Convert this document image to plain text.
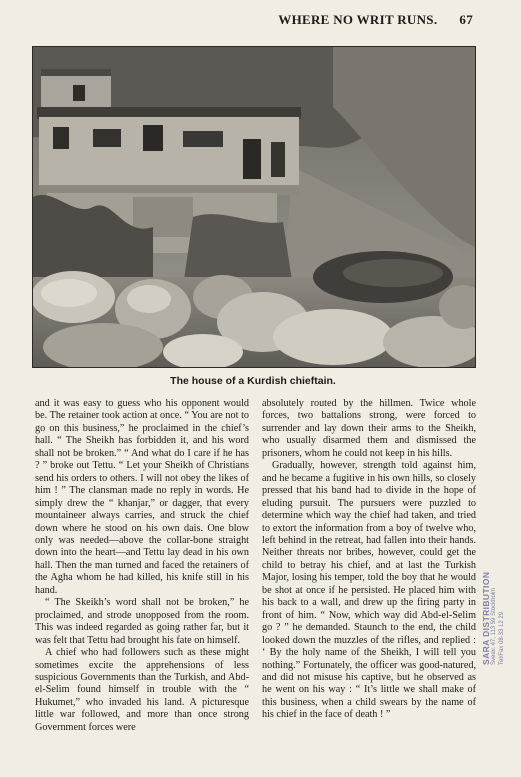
WHERE NO WRIT RUNS. 67
The house of a Kurdish chieftain.

and it was easy to guess who his opponent would be. The retainer took action at once. “ You are not to go on this business,” he proclaimed in the chief’s hall. “ The Sheikh has forbidden it, and his word shall not be broken.” “ And what do I care if he has ? ” broke out Tettu. “ Let your Sheikh of Christians send his orders to others. I will not obey the likes of him ! ” The clansman made no reply in words. He simply drew the “ khanjar,” or dagger, that every mountaineer always carries, and struck the chief down where he stood on his own dais. One blow only was needed—above the collar-bone straight down into the heart—and Tettu lay dead in his own hall. Then the man turned and faced the retainers of the Agha whom he had killed, his knife still in his hand.

“ The Skeikh’s word shall not be broken,” he proclaimed, and strode unopposed from the room. This was indeed regarded as going rather far, but it was felt that Tettu had brought his fate on himself.

A chief who had followers such as these might sometimes excite the apprehensions of less suspicious Governments than the Turkish, and Abd-el-Selim found himself in trouble with the “ Hukumet,” who invaded his land. A picturesque little war followed, and more than once strong Government forces were

absolutely routed by the hillmen. Twice whole forces, two battalions strong, were forced to surrender and lay down their arms to the Sheikh, who usually disarmed them and dismissed the prisoners, whom he could not keep in his hills.

Gradually, however, strength told against him, and he became a fugitive in his own hills, so closely pressed that his band had to divide in the hope of eluding pursuit. The pursuers were puzzled to determine which way the chief had taken, and tried to extort the information from a boy of twelve who, left behind in the retreat, had fallen into their hands. Neither threats nor bribes, however, could get the child to betray his chief, and at last the Turkish Major, losing his temper, told the boy that he would be shot at once if he persisted. He placed him with his back to a wall, and drew up the firing party in front of him. “ Now, which way did Abd-el-Selim go ? ” he demanded. Staunch to the end, the child looked down the muzzles of the rifles, and replied : ‘ By the holy name of the Sheikh, I will tell you nothing.” Fortunately, the officer was good-natured, and did not misuse his captive, but he observed as he went on his way : “ It’s little we shall make of this business, when a child swears by the name of his chief in the face of death ! ”

SARA DISTRIBUTION Sveav. 47, 113 59 Stockholm Tel/Fax 08-33 12 29
